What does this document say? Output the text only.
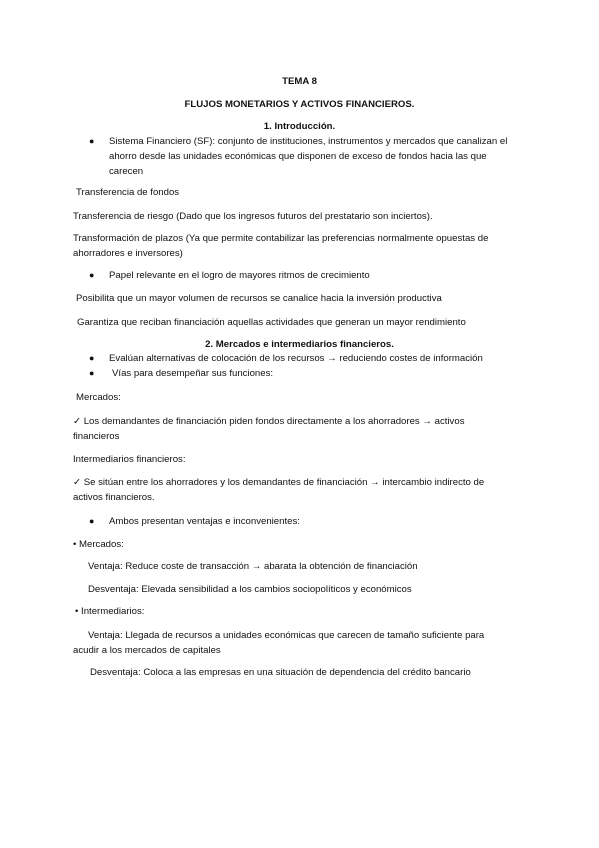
TEMA 8
FLUJOS MONETARIOS Y ACTIVOS FINANCIEROS.
1. Introducción.
● Sistema Financiero (SF): conjunto de instituciones, instrumentos y mercados que canalizan el
ahorro desde las unidades económicas que disponen de exceso de fondos hacia las que
carecen
Transferencia de fondos
Transferencia de riesgo (Dado que los ingresos futuros del prestatario son inciertos).
Transformación de plazos (Ya que permite contabilizar las preferencias normalmente opuestas de
ahorradores e inversores)
● Papel relevante en el logro de mayores ritmos de crecimiento
Posibilita que un mayor volumen de recursos se canalice hacia la inversión productiva
Garantiza que reciban financiación aquellas actividades que generan un mayor rendimiento
2. Mercados e intermediarios financieros.
● Evalúan alternativas de colocación de los recursos → reduciendo costes de información
● Vías para desempeñar sus funciones:
Mercados:
✓ Los demandantes de financiación piden fondos directamente a los ahorradores → activos
financieros
Intermediarios financieros:
✓ Se sitúan entre los ahorradores y los demandantes de financiación → intercambio indirecto de
activos financieros.
● Ambos presentan ventajas e inconvenientes:
• Mercados:
Ventaja: Reduce coste de transacción → abarata la obtención de financiación
Desventaja: Elevada sensibilidad a los cambios sociopolíticos y económicos
• Intermediarios:
Ventaja: Llegada de recursos a unidades económicas que carecen de tamaño suficiente para
acudir a los mercados de capitales
Desventaja: Coloca a las empresas en una situación de dependencia del crédito bancario
